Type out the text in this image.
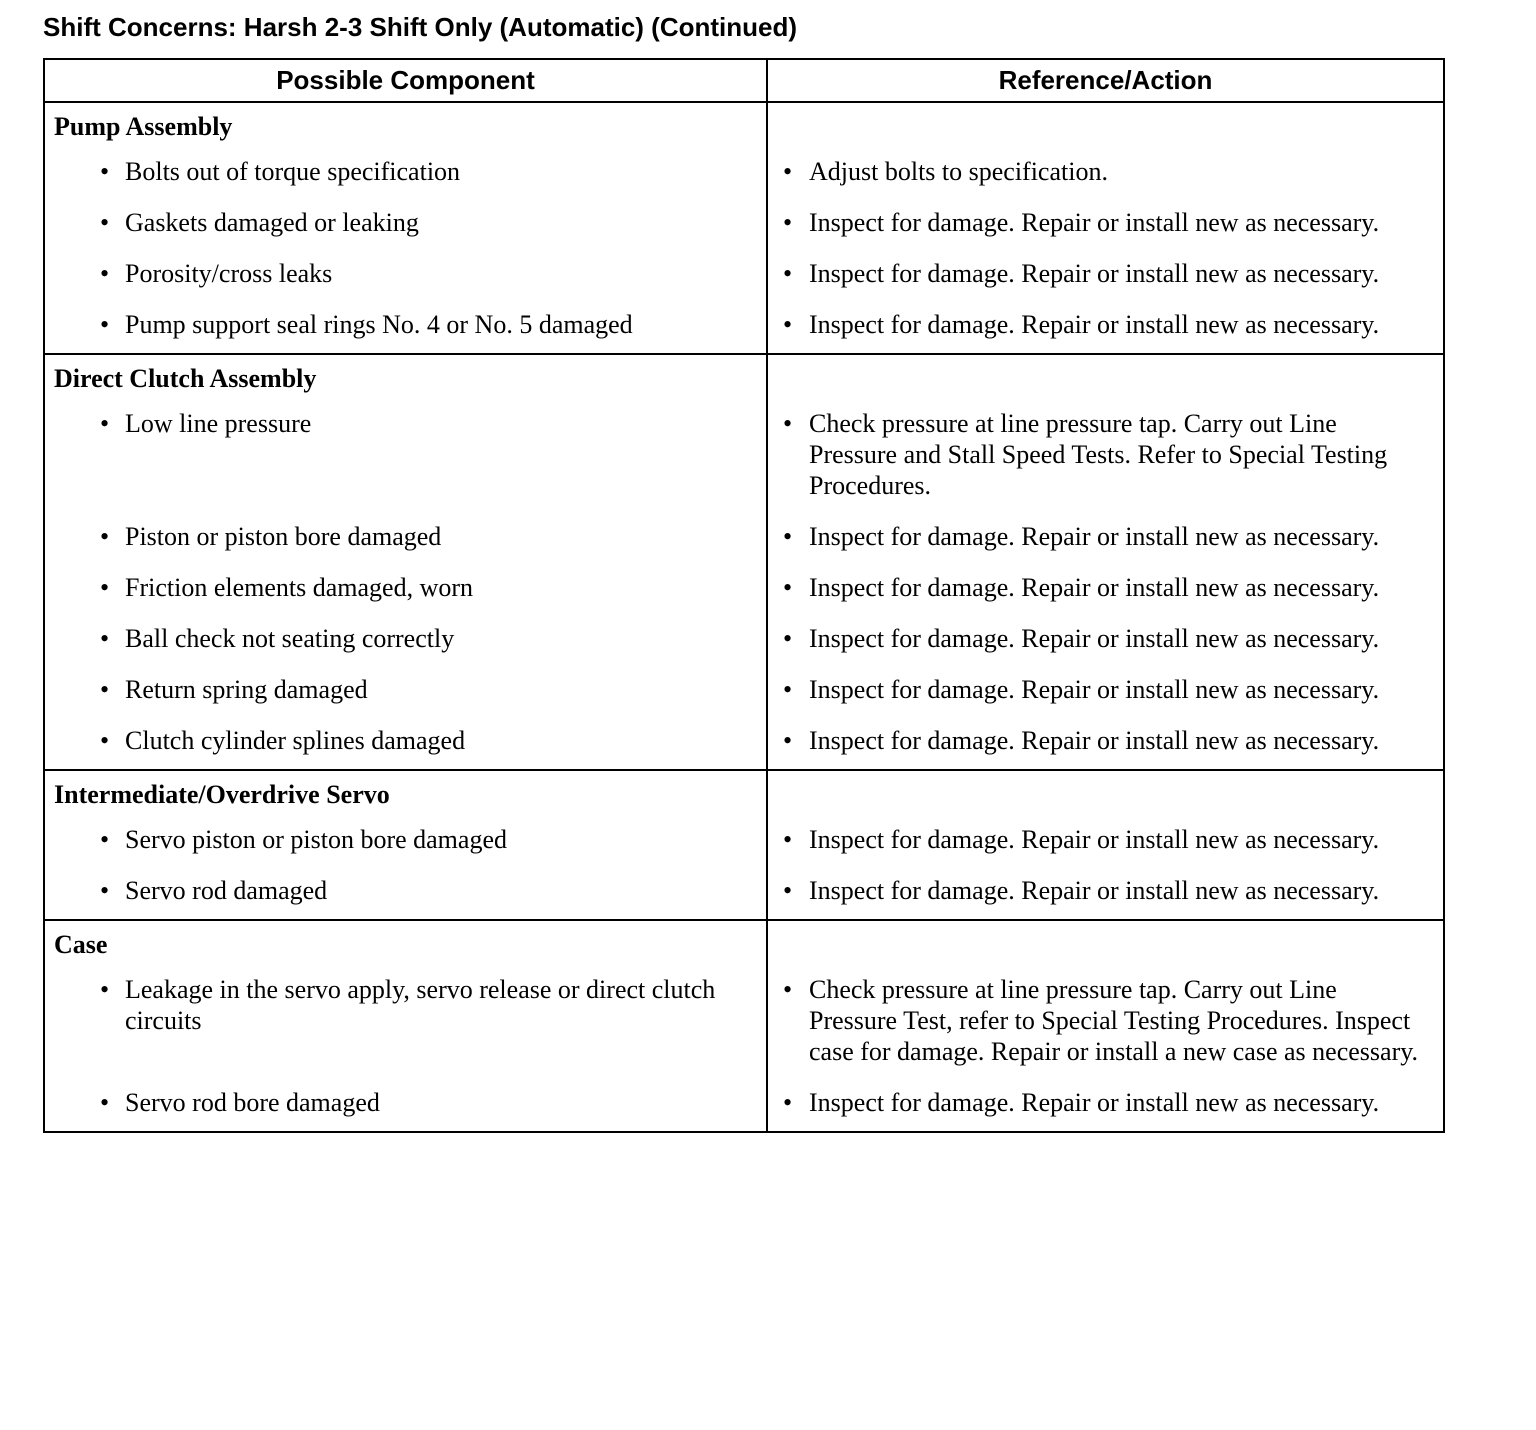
Shift Concerns: Harsh 2-3 Shift Only (Automatic) (Continued)
Possible Component	Reference/Action

Pump Assembly	

• Bolts out of torque specification	• Adjust bolts to specification.

• Gaskets damaged or leaking	• Inspect for damage. Repair or install new as necessary.

• Porosity/cross leaks	• Inspect for damage. Repair or install new as necessary.

• Pump support seal rings No. 4 or No. 5 damaged	• Inspect for damage. Repair or install new as necessary.

Direct Clutch Assembly	

• Low line pressure	• Check pressure at line pressure tap. Carry out Line Pressure and Stall Speed Tests. Refer to Special Testing Procedures.

• Piston or piston bore damaged	• Inspect for damage. Repair or install new as necessary.

• Friction elements damaged, worn	• Inspect for damage. Repair or install new as necessary.

• Ball check not seating correctly	• Inspect for damage. Repair or install new as necessary.

• Return spring damaged	• Inspect for damage. Repair or install new as necessary.

• Clutch cylinder splines damaged	• Inspect for damage. Repair or install new as necessary.

Intermediate/Overdrive Servo	

• Servo piston or piston bore damaged	• Inspect for damage. Repair or install new as necessary.

• Servo rod damaged	• Inspect for damage. Repair or install new as necessary.

Case	

• Leakage in the servo apply, servo release or direct clutch circuits	• Check pressure at line pressure tap. Carry out Line Pressure Test, refer to Special Testing Procedures. Inspect case for damage. Repair or install a new case as necessary.

• Servo rod bore damaged	• Inspect for damage. Repair or install new as necessary.
